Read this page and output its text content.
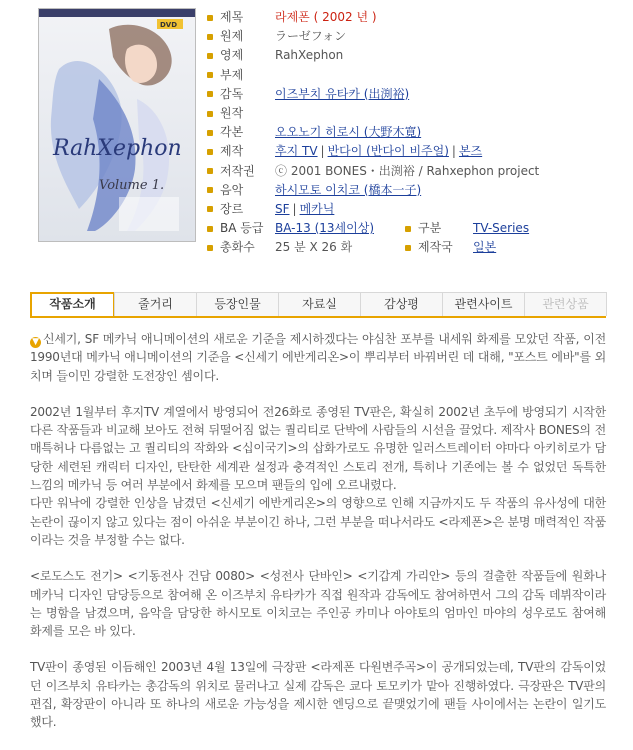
RahXephon
Volume 1.
DVD
제목	라제폰 ( 2002 년 )
원제	ラーゼフォン
영제	RahXephon
부제
감독	이즈부치 유타카 (出渕裕)
원작
각본	오오노기 히로시 (大野木寛)
제작	후지 TV | 반다이 (반다이 비주얼) | 본즈
저작권	ⓒ 2001 BONES・出渕裕 / Rahxephon project
음악	하시모토 이치코 (橋本一子)
장르	SF | 메카닉
BA 등급 BA-13 (13세이상)	구분	TV-Series
총화수	25 분 X 26 화	제작국	일본
작품소개	줄거리	등장인물	자료실	감상평	관련사이트	관련상품

▼ 신세기, SF 메카닉 애니메이션의 새로운 기준을 제시하겠다는 야심찬 포부를 내세워 화제를 모았던 작품, 이전 1990년대 메카닉 애니메이션의 기준을 <신세기 에반게리온>이 뿌리부터 바꿔버린 데 대해, "포스트 에바"를 외치며 들이민 강렬한 도전장인 셈이다.

2002년 1월부터 후지TV 계열에서 방영되어 전26화로 종영된 TV판은, 확실히 2002년 초두에 방영되기 시작한 다른 작품들과 비교해 보아도 전혀 뒤떨어짐 없는 퀄리티로 단박에 사람들의 시선을 끌었다. 제작사 BONES의 전매특허나 다름없는 고 퀄리티의 작화와 <십이국기>의 삽화가로도 유명한 일러스트레이터 야마다 아키히로가 담당한 세련된 캐릭터 디자인, 탄탄한 세계관 설정과 충격적인 스토리 전개, 특히나 기존에는 볼 수 없었던 독특한 느낌의 메카닉 등 여러 부분에서 화제를 모으며 팬들의 입에 오르내렸다.

다만 워낙에 강렬한 인상을 남겼던 <신세기 에반게리온>의 영향으로 인해 지금까지도 두 작품의 유사성에 대한 논란이 끊이지 않고 있다는 점이 아쉬운 부분이긴 하나, 그런 부분을 떠나서라도 <라제폰>은 분명 매력적인 작품이라는 것을 부정할 수는 없다.

<로도스도 전기> <기동전사 건담 0080> <성전사 단바인> <기갑계 가리안> 등의 걸출한 작품들에 원화나 메카닉 디자인 담당등으로 참여해 온 이즈부치 유타카가 직접 원작과 감독에도 참여하면서 그의 감독 데뷔작이라는 명함을 남겼으며, 음악을 담당한 하시모토 이치코는 주인공 카미나 아야토의 엄마인 마야의 성우로도 참여해 화제를 모은 바 있다.

TV판이 종영된 이듬해인 2003년 4월 13일에 극장판 <라제폰 다원변주곡>이 공개되었는데, TV판의 감독이었던 이즈부치 유타카는 총감독의 위치로 물러나고 실제 감독은 쿄다 토모키가 맡아 진행하였다. 극장판은 TV판의 편집, 확장판이 아니라 또 하나의 새로운 가능성을 제시한 엔딩으로 끝맺었기에 팬들 사이에서는 논란이 일기도 했다.
